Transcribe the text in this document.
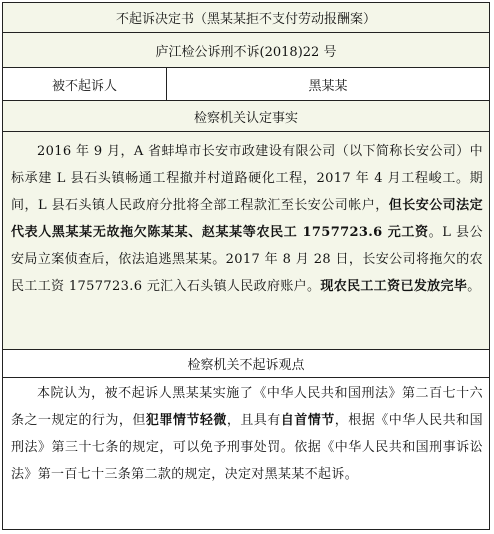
不起诉决定书（黑某某拒不支付劳动报酬案）
庐江检公诉刑不诉(2018)22 号
被不起诉人	黑某某
检察机关认定事实

2016 年 9 月，A 省蚌埠市长安市政建设有限公司（以下简称长安公司）中标承建 L 县石头镇畅通工程撤并村道路硬化工程，2017 年 4 月工程峻工。期间，L 县石头镇人民政府分批将全部工程款汇至长安公司帐户，但长安公司法定代表人黑某某无故拖欠陈某某、赵某某等农民工 1757723.6 元工资。L 县公安局立案侦查后，依法追逃黑某某。2017 年 8 月 28 日，长安公司将拖欠的农民工工资 1757723.6 元汇入石头镇人民政府账户。现农民工工资已发放完毕。

检察机关不起诉观点

本院认为，被不起诉人黑某某实施了《中华人民共和国刑法》第二百七十六条之一规定的行为，但犯罪情节轻微，且具有自首情节，根据《中华人民共和国刑法》第三十七条的规定，可以免予刑事处罚。依据《中华人民共和国刑事诉讼法》第一百七十三条第二款的规定，决定对黑某某不起诉。
